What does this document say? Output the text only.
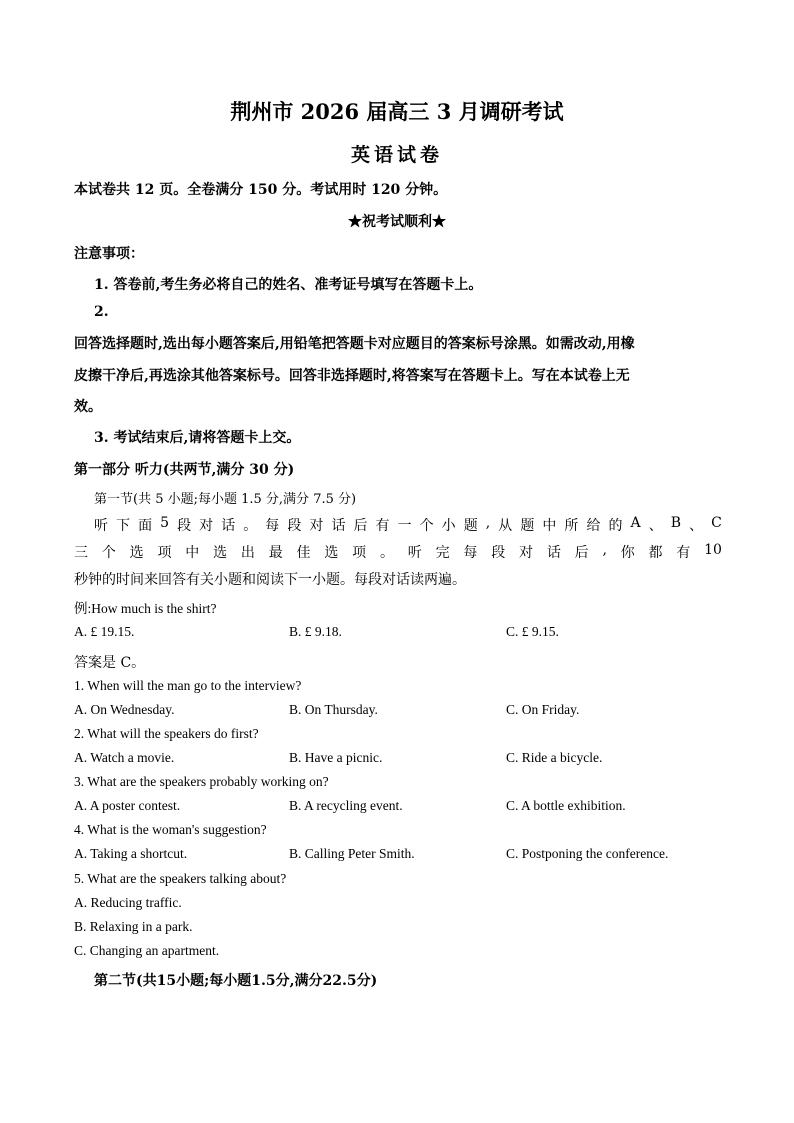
荆州市 2026 届高三 3 月调研考试
英语试卷
本试卷共 12 页。全卷满分 150 分。考试用时 120 分钟。
★祝考试顺利★
注意事项：
1. 答卷前,考生务必将自己的姓名、准考证号填写在答题卡上。
2.
回答选择题时,选出每小题答案后,用铅笔把答题卡对应题目的答案标号涂黑。如需改动,用橡
皮擦干净后,再选涂其他答案标号。回答非选择题时,将答案写在答题卡上。写在本试卷上无
效。
3. 考试结束后,请将答题卡上交。
第一部分 听力(共两节,满分 30 分)
第一节(共 5 小题;每小题 1.5 分,满分 7.5 分)
听 下 面 5 段 对 话 。 每 段 对 话 后 有 一 个 小 题 , 从 题 中 所 给 的 A 、 B 、 C
三 个 选 项 中 选 出 最 佳 选 项 。 听 完 每 段 对 话 后 , 你 都 有 10
秒钟的时间来回答有关小题和阅读下一小题。每段对话读两遍。
例:How much is the shirt?
A. £ 19.15.	B. £ 9.18.	C. £ 9.15.
答案是 C。
1. When will the man go to the interview?
A. On Wednesday.	B. On Thursday.	C. On Friday.
2. What will the speakers do first?
A. Watch a movie.	B. Have a picnic.	C. Ride a bicycle.
3. What are the speakers probably working on?
A. A poster contest.	B. A recycling event.	C. A bottle exhibition.
4. What is the woman's suggestion?
A. Taking a shortcut.	B. Calling Peter Smith.	C. Postponing the conference.
5. What are the speakers talking about?
A. Reducing traffic.
B. Relaxing in a park.
C. Changing an apartment.
第二节(共15小题;每小题1.5分,满分22.5分)
